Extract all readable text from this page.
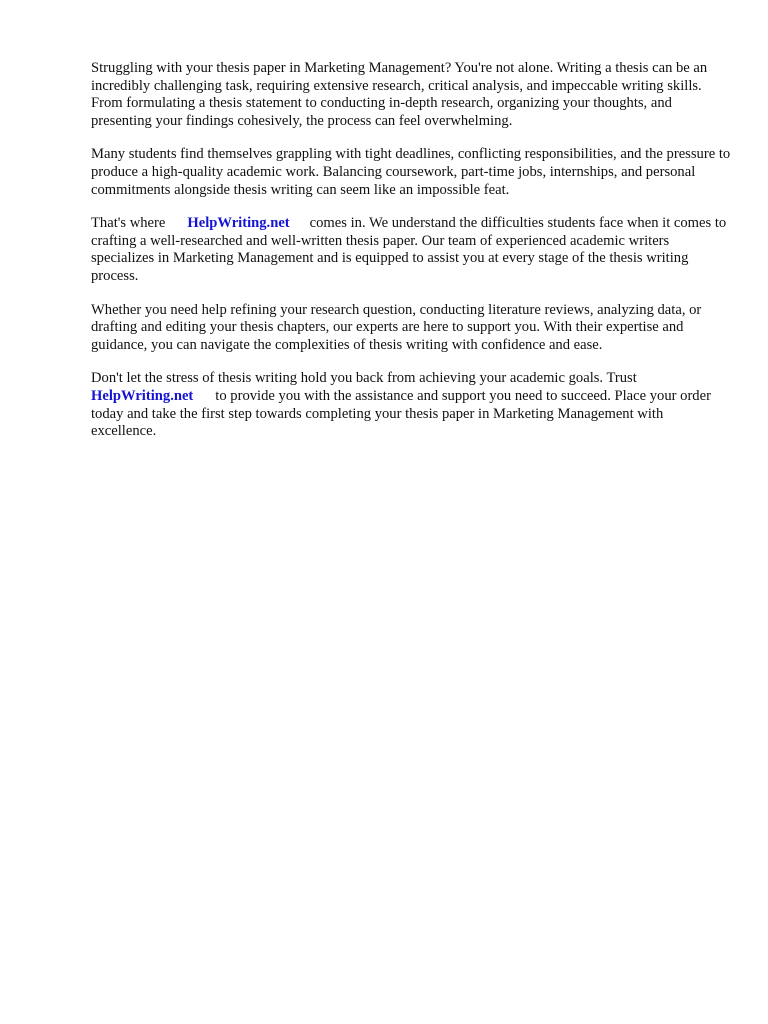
Struggling with your thesis paper in Marketing Management? You're not alone. Writing a thesis can be an incredibly challenging task, requiring extensive research, critical analysis, and impeccable writing skills. From formulating a thesis statement to conducting in-depth research, organizing your thoughts, and presenting your findings cohesively, the process can feel overwhelming.

Many students find themselves grappling with tight deadlines, conflicting responsibilities, and the pressure to produce a high-quality academic work. Balancing coursework, part-time jobs, internships, and personal commitments alongside thesis writing can seem like an impossible feat.

That's where HelpWriting.net comes in. We understand the difficulties students face when it comes to crafting a well-researched and well-written thesis paper. Our team of experienced academic writers specializes in Marketing Management and is equipped to assist you at every stage of the thesis writing process.

Whether you need help refining your research question, conducting literature reviews, analyzing data, or drafting and editing your thesis chapters, our experts are here to support you. With their expertise and guidance, you can navigate the complexities of thesis writing with confidence and ease.

Don't let the stress of thesis writing hold you back from achieving your academic goals. Trust HelpWriting.net to provide you with the assistance and support you need to succeed. Place your order today and take the first step towards completing your thesis paper in Marketing Management with excellence.
